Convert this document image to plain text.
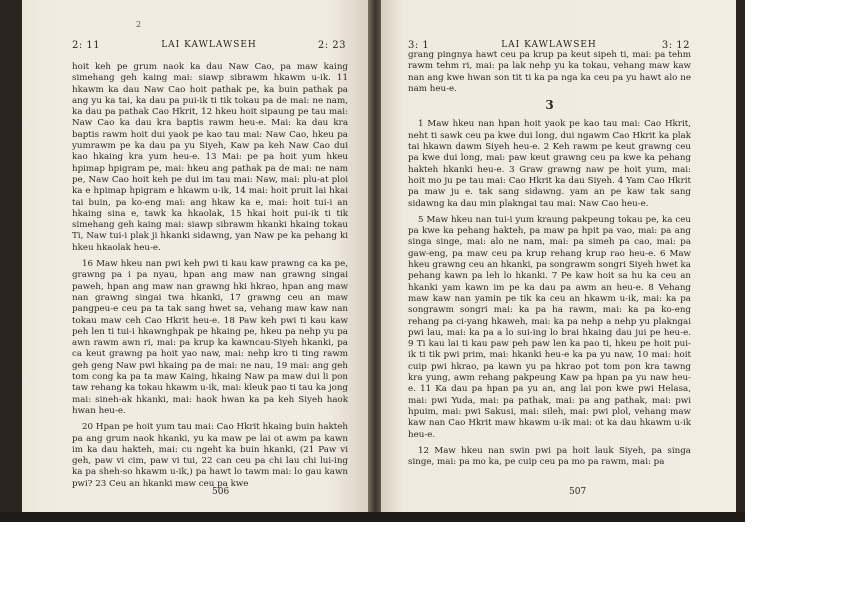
2
2: 11	LAI KAWLAWSEH	2: 23

hoit keh pe grum naok ka dau Naw Cao, pa maw kaing simehang geh kaing mai: siawp sibrawm hkawm u-ik. 11 hkawm ka dau Naw Cao hoit pathak pe, ka buin pathak pa ang yu ka tai, ka dau pa pui-ik ti tik tokau pa de mai: ne nam, ka dau pa pathak Cao Hkrit, 12 hkeu hoit sipaung pe tau mai: Naw Cao ka dau kra baptis rawm heu-e. Mai: ka dau kra baptis rawm hoit dui yaok pe kao tau mai: Naw Cao, hkeu pa yumrawm pe ka dau pa yu Siyeh, Kaw pa keh Naw Cao dui kao hkaing kra yum heu-e. 13 Mai: pe pa hoit yum hkeu hpimap hpigram pe, mai: hkeu ang pathak pa de mai: ne nam pe, Naw Cao hoit keh pe dui im tau mai: Naw, mai: plu-at ploi ka e hpimap hpigram e hkawm u-ik, 14 mai: hoit pruit lai hkai tai buin, pa ko-eng mai: ang hkaw ka e, mai: hoit tui-i an hkaing sina e, tawk ka hkaolak, 15 hkai hoit pui-ik ti tik simehang geh kaing mai: siawp sibrawm hkanki hkaing tokau Ti, Naw tui-i plak ji hkanki sidawng, yan Naw pe ka pehang ki hkeu hkaolak heu-e.

16 Maw hkeu nan pwi keh pwi ti kau kaw prawng ca ka pe, grawng pa i pa nyau, hpan ang maw nan grawng singai paweh, hpan ang maw nan grawng hki hkrao, hpan ang maw nan grawng singai twa hkanki, 17 grawng ceu an maw pangpeu-e ceu pa ta tak sang hwet sa, vehang maw kaw nan tokau maw ceh Cao Hkrit heu-e. 18 Paw keh pwi ti kau kaw peh len ti tui-i hkawnghpak pe hkaing pe, hkeu pa nehp yu pa awn rawm awn ri, mai: pa krup ka kawncau-Siyeh hkanki, pa ca keut grawng pa hoit yao naw, mai: nehp kro ti ting rawm geh geng Naw pwi hkaing pa de mai: ne nau, 19 mai: ang geh tom cong ka pa ta maw Kaing, hkaing Naw pa maw dui li pon taw rehang ka tokau hkawm u-ik, mai: kleuk pao ti tau ka jong mai: sineh-ak hkanki, mai: haok hwan ka pa keh Siyeh haok hwan heu-e.

20 Hpan pe hoit yum tau mai: Cao Hkrit hkaing buin hakteh pa ang grum naok hkanki, yu ka maw pe lai ot awm pa kawn im ka dau hakteh, mai: cu ngeht ka buin hkanki, (21 Paw vi geh, paw vi cim, paw vi tui, 22 can ceu pa chi lau chi lui-ing ka pa sheh-so hkawm u-ik,) pa hawt lo tawm mai: lo gau kawn pwi? 23 Ceu an hkanki maw ceu pa kwe

506
3: 1	LAI KAWLAWSEH	3: 12

grang pingnya hawt ceu pa krup pa keut sipeh ti, mai: pa tehm rawm tehm ri, mai: pa lak nehp yu ka tokau, vehang maw kaw nan ang kwe hwan son tit ti ka pa nga ka ceu pa yu hawt alo ne nam heu-e.

3

1 Maw hkeu nan hpan hoit yaok pe kao tau mai: Cao Hkrit, neht ti sawk ceu pa kwe dui long, dui ngawm Cao Hkrit ka plak tai hkawn dawm Siyeh heu-e. 2 Keh rawm pe keut grawng ceu pa kwe dui long, mai: paw keut grawng ceu pa kwe ka pehang hakteh hkanki heu-e. 3 Graw grawng naw pe hoit yum, mai: hoit mo ju pe tau mai: Cao Hkrit ka dau Siyeh. 4 Yam Cao Hkrit pa maw ju e. tak sang sidawng. yam an pe kaw tak sang sidawng ka dau min plakngai tau mai: Naw Cao heu-e.

5 Maw hkeu nan tui-i yum kraung pakpeung tokau pe, ka ceu pa kwe ka pehang hakteh, pa maw pa hpit pa vao, mai: pa ang singa singe, mai: alo ne nam, mai: pa simeh pa cao, mai: pa gaw-eng, pa maw ceu pa krup rehang krup rao heu-e. 6 Maw hkeu grawng ceu an hkanki, pa songrawm songri Siyeh hwet ka pehang kawn pa leh lo hkanki. 7 Pe kaw hoit sa hu ka ceu an hkanki yam kawn im pe ka dau pa awm an heu-e. 8 Vehang maw kaw nan yamin pe tik ka ceu an hkawm u-ik, mai: ka pa songrawm songri mai: ka pa ha rawm, mai: ka pa ko-eng rehang pa ci-yang hkaweh, mai: ka pa nehp a nehp yu plakngai pwi lau, mai: ka pa a lo sui-ing lo brai hkaing dau jui pe heu-e. 9 Ti kau lai ti kau paw peh paw len ka pao ti, hkeu pe hoit pui-ik ti tik pwi prim, mai: hkanki heu-e ka pa yu naw, 10 mai: hoit cuip pwi hkrao, pa kawn yu pa hkrao pot tom pon kra tawng kra yung, awm rehang pakpeung Kaw pa hpan pa yu naw heu-e. 11 Ka dau pa hpan pa yu an, ang lai pon kwe pwi Helasa, mai: pwi Yuda, mai: pa pathak, mai: pa ang pathak, mai: pwi hpuim, mai: pwi Sakusi, mai: sileh, mai: pwi plol, vehang maw kaw nan Cao Hkrit maw hkawm u-ik mai: ot ka dau hkawm u-ik heu-e.

12 Maw hkeu nan swin pwi pa hoit lauk Siyeh, pa singa singe, mai: pa mo ka, pe cuip ceu pa mo pa rawm, mai: pa

507
